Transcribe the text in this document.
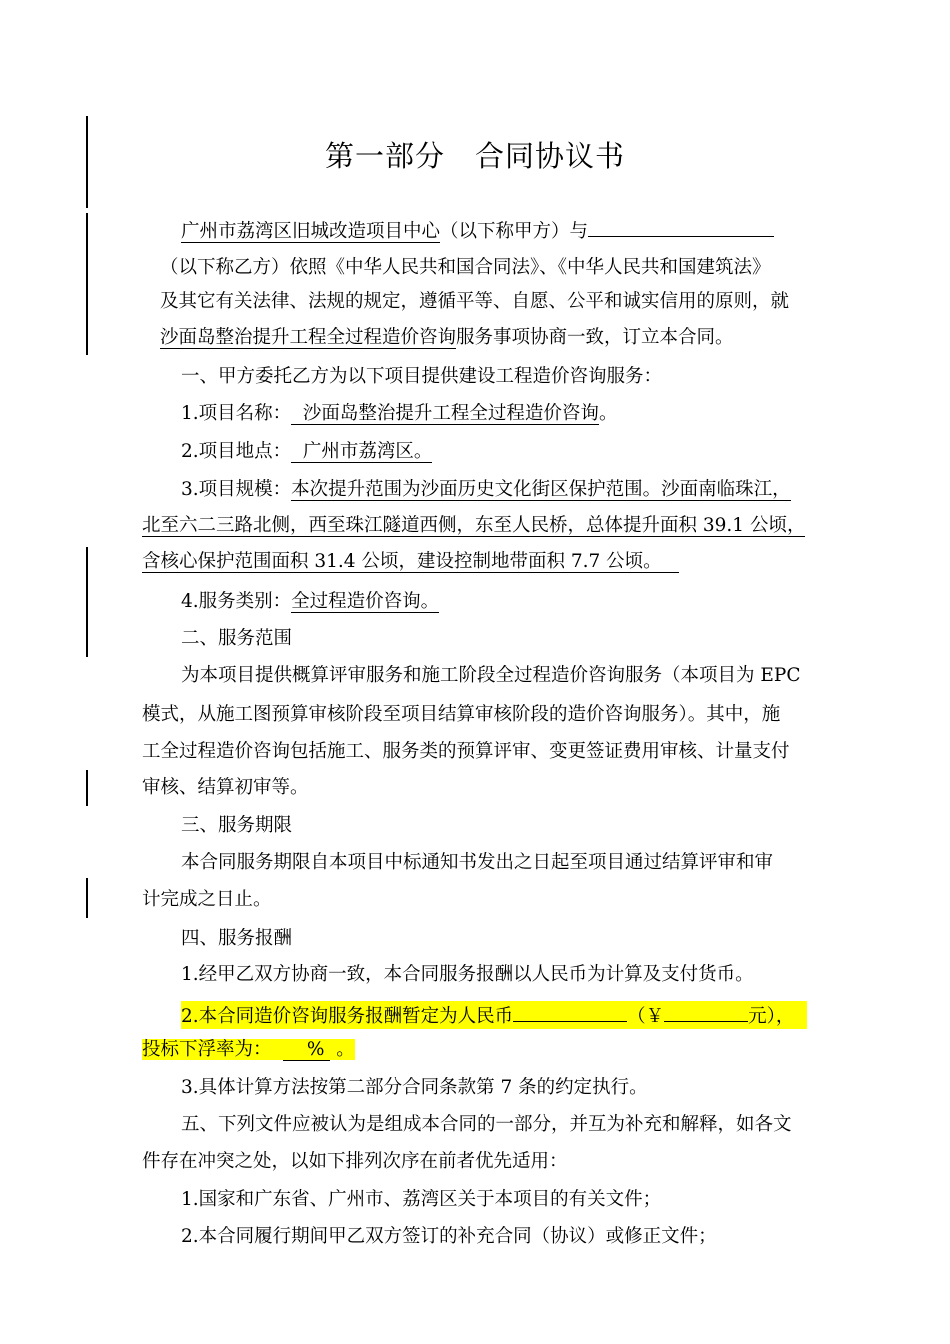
第一部分　合同协议书
广州市荔湾区旧城改造项目中心（以下称甲方）与
（以下称乙方）依照《中华人民共和国合同法》、《中华人民共和国建筑法》
及其它有关法律、法规的规定，遵循平等、自愿、公平和诚实信用的原则，就
沙面岛整治提升工程全过程造价咨询服务事项协商一致，订立本合同。
一、甲方委托乙方为以下项目提供建设工程造价咨询服务：
1.项目名称： 沙面岛整治提升工程全过程造价咨询。
2.项目地点： 广州市荔湾区。
3.项目规模：本次提升范围为沙面历史文化街区保护范围。沙面南临珠江，
北至六二三路北侧，西至珠江隧道西侧，东至人民桥，总体提升面积 39.1 公顷，
含核心保护范围面积 31.4 公顷，建设控制地带面积 7.7 公顷。
4.服务类别：全过程造价咨询。
二、服务范围
为本项目提供概算评审服务和施工阶段全过程造价咨询服务（本项目为 EPC
模式，从施工图预算审核阶段至项目结算审核阶段的造价咨询服务）。其中，施
工全过程造价咨询包括施工、服务类的预算评审、变更签证费用审核、计量支付
审核、结算初审等。
三、服务期限
本合同服务期限自本项目中标通知书发出之日起至项目通过结算评审和审
计完成之日止。
四、服务报酬
1.经甲乙双方协商一致，本合同服务报酬以人民币为计算及支付货币。
2.本合同造价咨询服务报酬暂定为人民币	（￥	元），
投标下浮率为： % 。
3.具体计算方法按第二部分合同条款第 7 条的约定执行。
五、下列文件应被认为是组成本合同的一部分，并互为补充和解释，如各文
件存在冲突之处，以如下排列次序在前者优先适用：
1.国家和广东省、广州市、荔湾区关于本项目的有关文件；
2.本合同履行期间甲乙双方签订的补充合同（协议）或修正文件；
